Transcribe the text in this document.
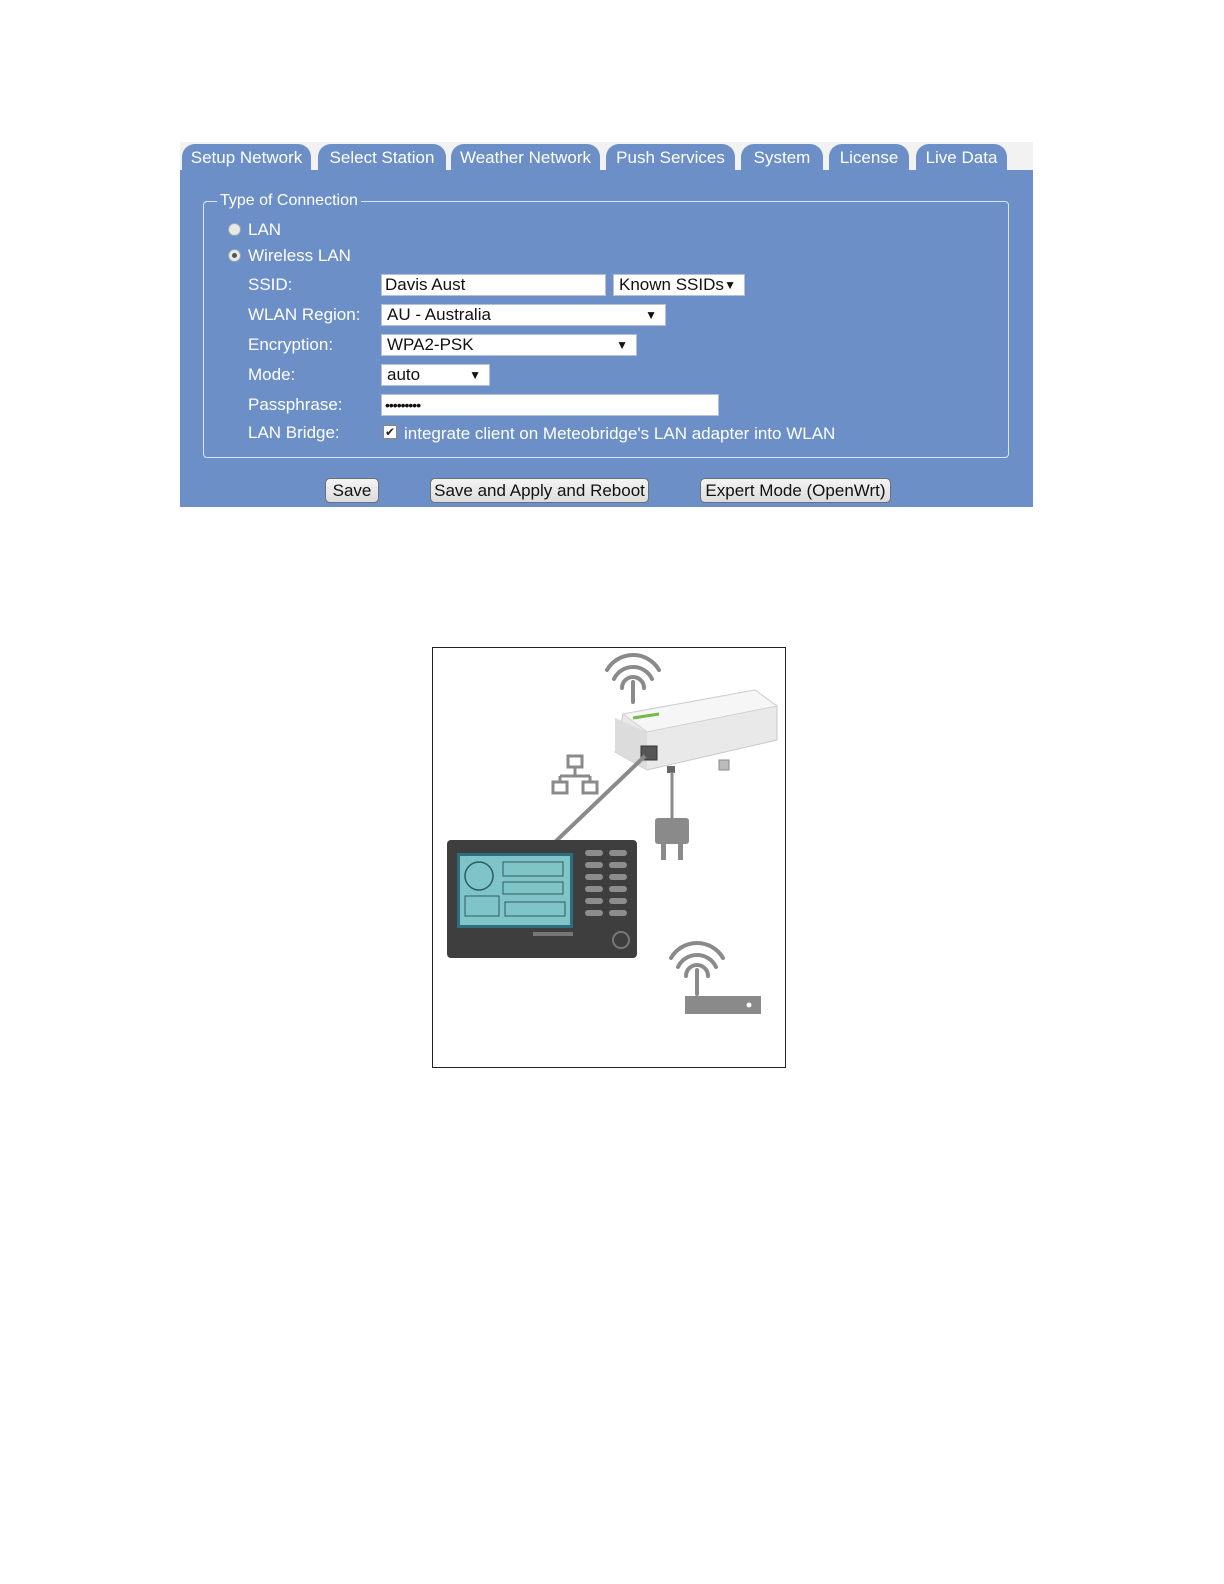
Setup Network	Select Station	Weather Network	Push Services	System	License	Live Data
Type of Connection
LAN
Wireless LAN
SSID:	Davis Aust	Known SSIDs ▼
WLAN Region:	AU - Australia	▼
Encryption:	WPA2-PSK	▼
Mode:	auto	▼
Passphrase:	•••••••••
LAN Bridge:	✔ integrate client on Meteobridge's LAN adapter into WLAN
Save	Save and Apply and Reboot	Expert Mode (OpenWrt)
